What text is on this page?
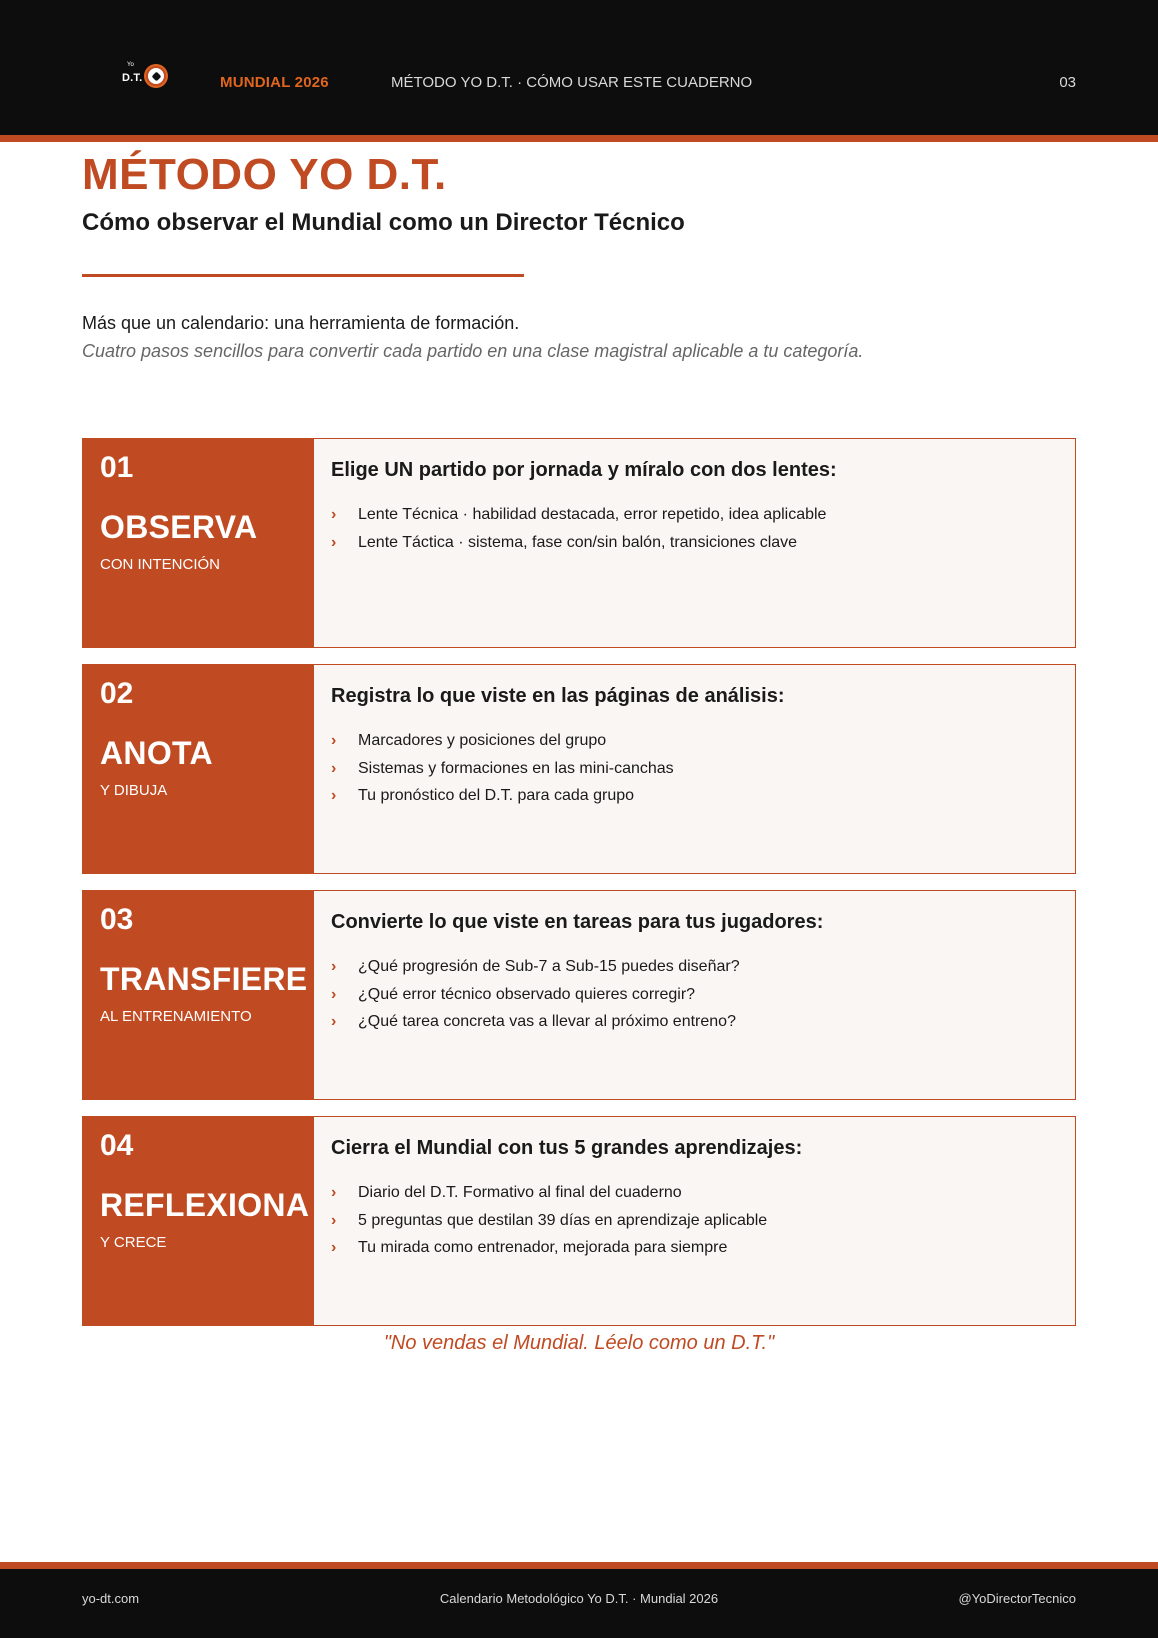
Yo
D.T.	MUNDIAL 2026	MÉTODO YO D.T. · CÓMO USAR ESTE CUADERNO	03
MÉTODO YO D.T.
Cómo observar el Mundial como un Director Técnico

Más que un calendario: una herramienta de formación.

Cuatro pasos sencillos para convertir cada partido en una clase magistral aplicable a tu categoría.

01
OBSERVA
CON INTENCIÓN
Elige UN partido por jornada y míralo con dos lentes:
› Lente Técnica · habilidad destacada, error repetido, idea aplicable
› Lente Táctica · sistema, fase con/sin balón, transiciones clave
02
ANOTA
Y DIBUJA
Registra lo que viste en las páginas de análisis:
› Marcadores y posiciones del grupo
› Sistemas y formaciones en las mini-canchas
› Tu pronóstico del D.T. para cada grupo
03
TRANSFIERE
AL ENTRENAMIENTO
Convierte lo que viste en tareas para tus jugadores:
› ¿Qué progresión de Sub-7 a Sub-15 puedes diseñar?
› ¿Qué error técnico observado quieres corregir?
› ¿Qué tarea concreta vas a llevar al próximo entreno?
04
REFLEXIONA
Y CRECE
Cierra el Mundial con tus 5 grandes aprendizajes:
› Diario del D.T. Formativo al final del cuaderno
› 5 preguntas que destilan 39 días en aprendizaje aplicable
› Tu mirada como entrenador, mejorada para siempre

"No vendas el Mundial. Léelo como un D.T."

yo-dt.com	Calendario Metodológico Yo D.T. · Mundial 2026	@YoDirectorTecnico
